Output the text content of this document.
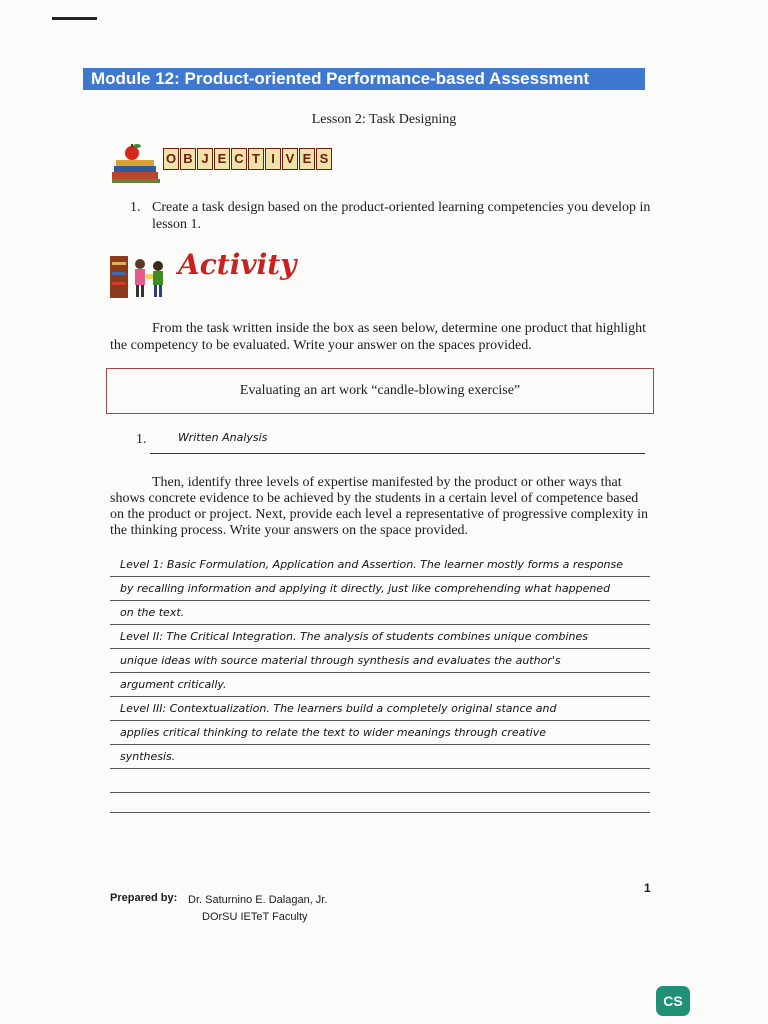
Module 12: Product-oriented Performance-based Assessment
Lesson 2: Task Designing
O B J E C T I V E S
1. Create a task design based on the product-oriented learning competencies you develop in lesson 1.
Activity
From the task written inside the box as seen below, determine one product that highlight the competency to be evaluated. Write your answer on the spaces provided.
Evaluating an art work “candle-blowing exercise”
1.	Written Analysis
Then, identify three levels of expertise manifested by the product or other ways that shows concrete evidence to be achieved by the students in a certain level of competence based on the product or project. Next, provide each level a representative of progressive complexity in the thinking process. Write your answers on the space provided.
Level 1: Basic Formulation, Application and Assertion. The learner mostly forms a response
by recalling information and applying it directly, just like comprehending what happened
on the text.
Level II: The Critical Integration. The analysis of students combines unique combines
unique ideas with source material through synthesis and evaluates the author's
argument critically.
Level III: Contextualization. The learners build a completely original stance and
applies critical thinking to relate the text to wider meanings through creative
synthesis.
Prepared by: Dr. Saturnino E. Dalagan, Jr.
DOrSU IETeT Faculty
1
CS
